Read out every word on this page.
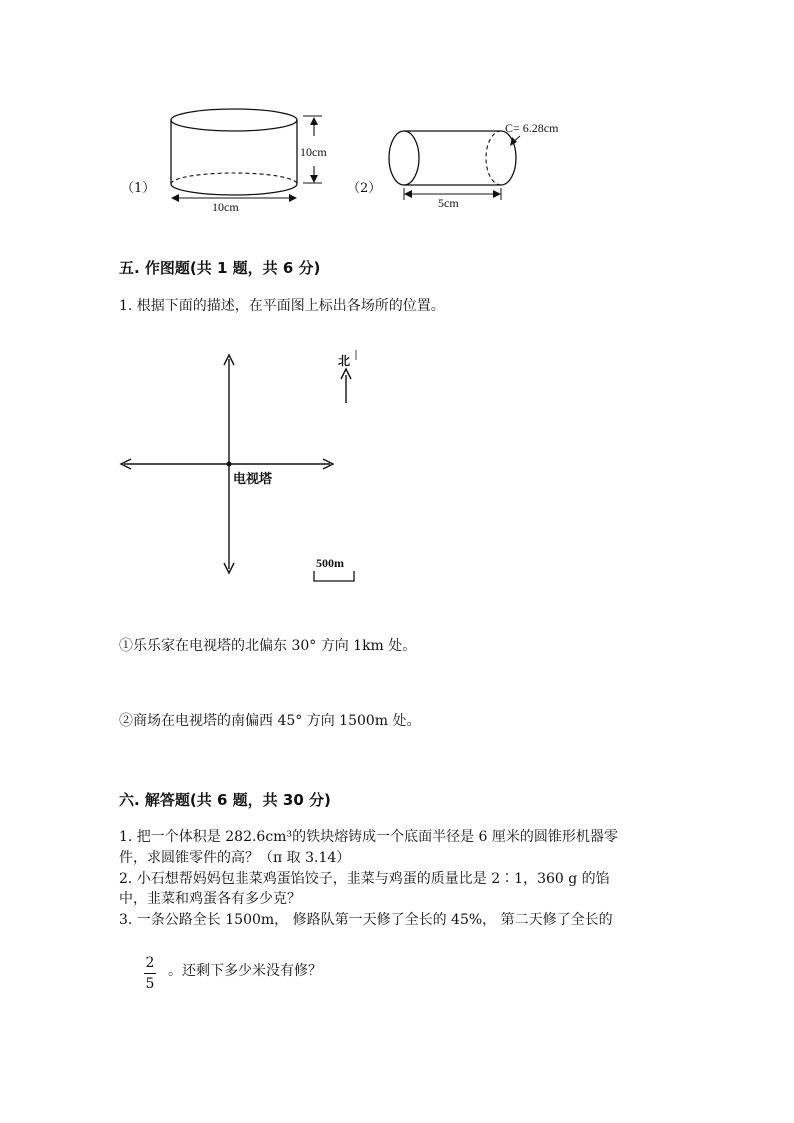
（1）
10cm
10cm
（2）
C= 6.28cm
5cm
五. 作图题(共 1 题，共 6 分)
1. 根据下面的描述，在平面图上标出各场所的位置。
北
电视塔
500m
①乐乐家在电视塔的北偏东 30° 方向 1km 处。
②商场在电视塔的南偏西 45° 方向 1500m 处。
六. 解答题(共 6 题，共 30 分)
1. 把一个体积是 282.6cm³的铁块熔铸成一个底面半径是 6 厘米的圆锥形机器零
件，求圆锥零件的高？（π 取 3.14）
2. 小石想帮妈妈包韭菜鸡蛋馅饺子，韭菜与鸡蛋的质量比是 2∶1，360 g 的馅
中，韭菜和鸡蛋各有多少克？
3. 一条公路全长 1500m， 修路队第一天修了全长的 45%， 第二天修了全长的
2
5
。还剩下多少米没有修？
